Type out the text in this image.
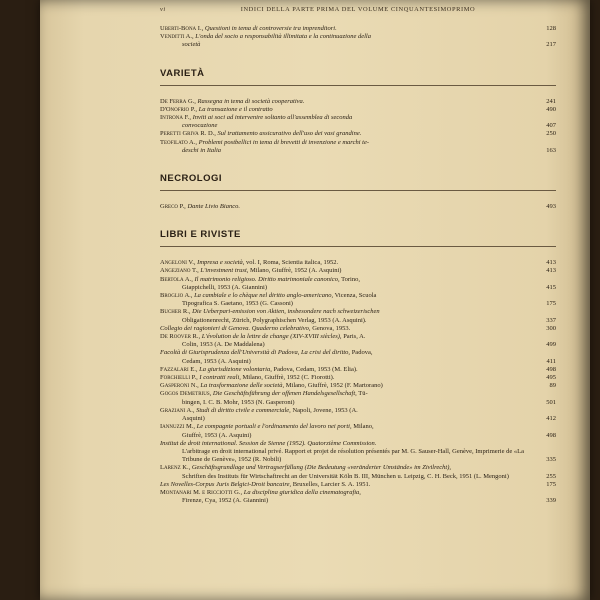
vi	INDICI DELLA PARTE PRIMA DEL VOLUME CINQUANTESIMOPRIMO
Uberti-Bona I., Questioni in tema di controversie tra imprenditori.	128
Venditti A., L'onda del socio a responsabilità illimitata e la continuazione della
società	217
VARIETÀ
De Ferra G., Rassegna in tema di società cooperativa.	241
D'Onofrio P., La transazione e il contratto	490
Introna F., Inviti ai soci ad intervenire soltanto all'assemblea di seconda
convocazione	407
Peretti Griva R. D., Sul trattamento assicurativo dell'uso dei vasi grandine.	250
Teofilato A., Problemi postbellici in tema di brevetti di invenzione e marchi te-
deschi in Italia	163
NECROLOGI
Greco P., Dante Livio Bianco.	493
LIBRI E RIVISTE
Angeloni V., Impresa e società, vol. I, Roma, Scientia italica, 1952.	413
Angeziano T., L'investment trust, Milano, Giuffrè, 1952 (A. Asquini)	413
Bertola A., Il matrimonio religioso. Diritto matrimoniale canonico, Torino,
Giappichelli, 1953 (A. Giannini)	415
Broglio A., La cambiale e lo chèque nel diritto anglo-americano, Vicenza, Scuola
Tipografica S. Gaetano, 1953 (G. Cassoni)	175
Bucher R., Die Ueberpari-emission von Aktien, insbesondere nach schweizerischen
Obligationenrecht, Zürich, Polygraphischen Verlag, 1953 (A. Asquini).	337
Collegio dei ragionieri di Genova. Quaderno celebrativo, Genova, 1953.	300
De Roover R., L'évolution de la lettre de change (XIV-XVIII siècles), Paris, A.
Colin, 1953 (A. De Maddalena)	499
Facoltà di Giurisprudenza dell'Università di Padova, La crisi del diritto, Padova,
Cedam, 1953 (A. Asquini)	411
Fazzalari E., La giurisdizione volontaria, Padova, Cedam, 1953 (M. Elia).	498
Forchielli P., I contratti reali, Milano, Giuffrè, 1952 (C. Fiorotti).	495
Gasperoni N., La trasformazione delle società, Milano, Giuffrè, 1952 (F. Martorano)	89
Gogos Demetrius, Die Geschäftsführung der offenen Handelsgesellschaft, Tü-
bingen, I. C. B. Mohr, 1953 (N. Gasperoni)	501
Graziani A., Studi di diritto civile e commerciale, Napoli, Jovene, 1953 (A.
Asquini)	412
Iannuzzi M., Le compagnie portuali e l'ordinamento del lavoro nei porti, Milano,
Giuffrè, 1953 (A. Asquini)	498
Institut de droit international. Session de Sienne (1952). Quatorzième Commission.
L'arbitrage en droit international privé. Rapport et projet de résolution présentés par M. G. Sauser-Hall, Genève, Imprimerie de «La Tribune de Genève», 1952 (R. Nobili)	335
Larenz K., Geschäftsgrundlage und Vertragserfüllung (Die Bedeutung «veränderter Umstände» im Zivilrecht),
Schriften des Instituts für Wirtschaftrecht an der Universität Köln B. III, München u. Leipzig, C. H. Beck, 1951 (L. Mengoni)	255
Les Novelles-Corpus Juris Belgici-Droit bancaire, Bruxelles, Larcier S. A. 1951.	175
Montanari M. e Ricciotti G., La disciplina giuridica della cinematografia,
Firenze, Cya, 1952 (A. Giannini)	339
